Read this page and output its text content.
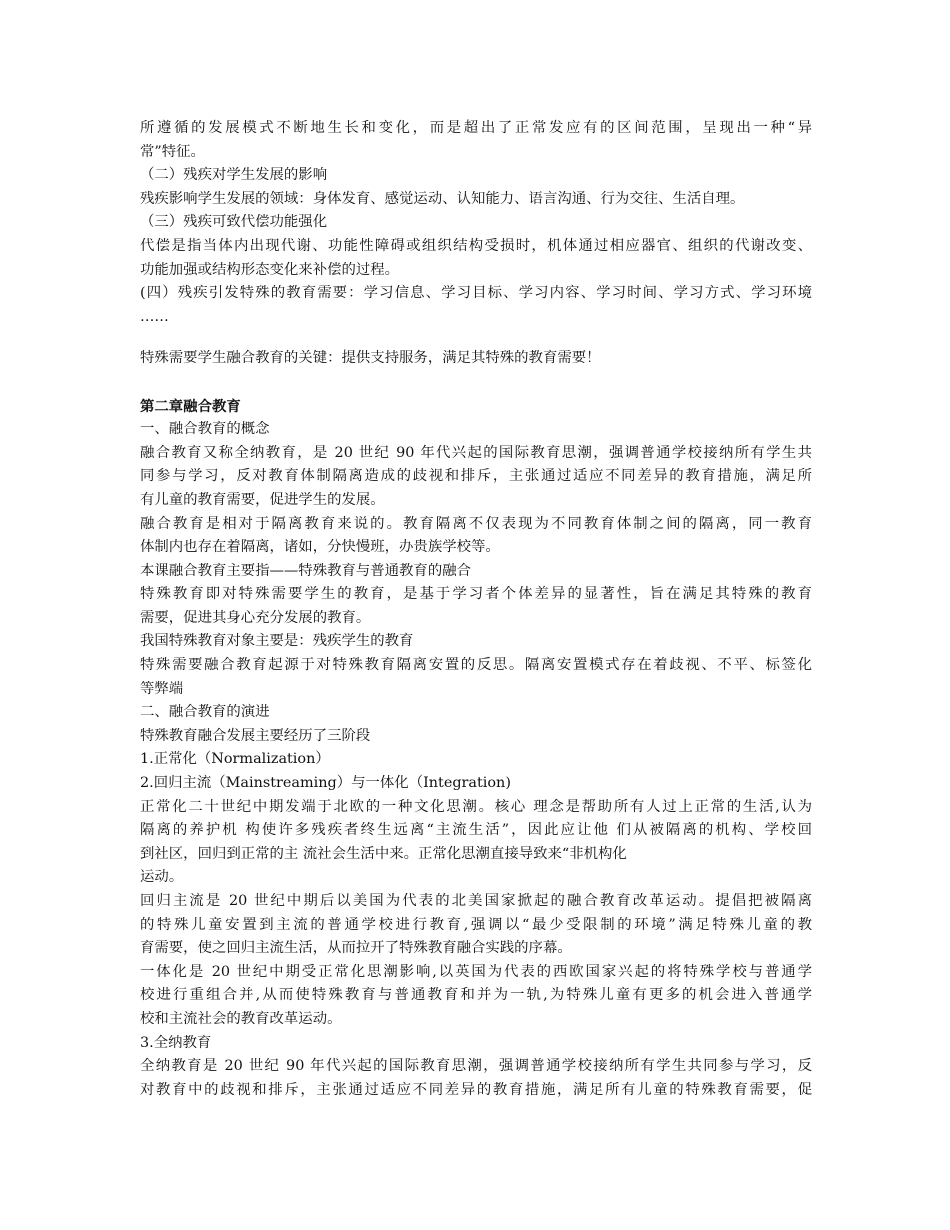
所遵循的发展模式不断地生长和变化，而是超出了正常发应有的区间范围，呈现出一种“异
常”特征。
（二）残疾对学生发展的影响
残疾影响学生发展的领域：身体发育、感觉运动、认知能力、语言沟通、行为交往、生活自理。
（三）残疾可致代偿功能强化
代偿是指当体内出现代谢、功能性障碍或组织结构受损时，机体通过相应器官、组织的代谢改变、
功能加强或结构形态变化来补偿的过程。
(四）残疾引发特殊的教育需要：学习信息、学习目标、学习内容、学习时间、学习方式、学习环境
……
特殊需要学生融合教育的关键：提供支持服务，满足其特殊的教育需要！
第二章融合教育
一、融合教育的概念
融合教育又称全纳教育，是 20 世纪 90 年代兴起的国际教育思潮，强调普通学校接纳所有学生共
同参与学习，反对教育体制隔离造成的歧视和排斥，主张通过适应不同差异的教育措施，满足所
有儿童的教育需要，促进学生的发展。
融合教育是相对于隔离教育来说的。教育隔离不仅表现为不同教育体制之间的隔离，同一教育
体制内也存在着隔离，诸如，分快慢班，办贵族学校等。
本课融合教育主要指——特殊教育与普通教育的融合
特殊教育即对特殊需要学生的教育，是基于学习者个体差异的显著性，旨在满足其特殊的教育
需要，促进其身心充分发展的教育。
我国特殊教育对象主要是：残疾学生的教育
特殊需要融合教育起源于对特殊教育隔离安置的反思。隔离安置模式存在着歧视、不平、标签化
等弊端
二、融合教育的演进
特殊教育融合发展主要经历了三阶段
1.正常化（Normalization）
2.回归主流（Mainstreaming）与一体化（Integration)
正常化二十世纪中期发端于北欧的一种文化思潮。核心 理念是帮助所有人过上正常的生活,认为
隔离的养护机 构使许多残疾者终生远离“主流生活”，因此应让他 们从被隔离的机构、学校回
到社区，回归到正常的主 流社会生活中来。正常化思潮直接导致来“非机构化
运动。
回归主流是 20 世纪中期后以美国为代表的北美国家掀起的融合教育改革运动。提倡把被隔离
的特殊儿童安置到主流的普通学校进行教育,强调以“最少受限制的环境”满足特殊儿童的教
育需要，使之回归主流生活，从而拉开了特殊教育融合实践的序幕。
一体化是 20 世纪中期受正常化思潮影响,以英国为代表的西欧国家兴起的将特殊学校与普通学
校进行重组合并,从而使特殊教育与普通教育和并为一轨,为特殊儿童有更多的机会进入普通学
校和主流社会的教育改革运动。
3.全纳教育
全纳教育是 20 世纪 90 年代兴起的国际教育思潮，强调普通学校接纳所有学生共同参与学习，反
对教育中的歧视和排斥，主张通过适应不同差异的教育措施，满足所有儿童的特殊教育需要，促
